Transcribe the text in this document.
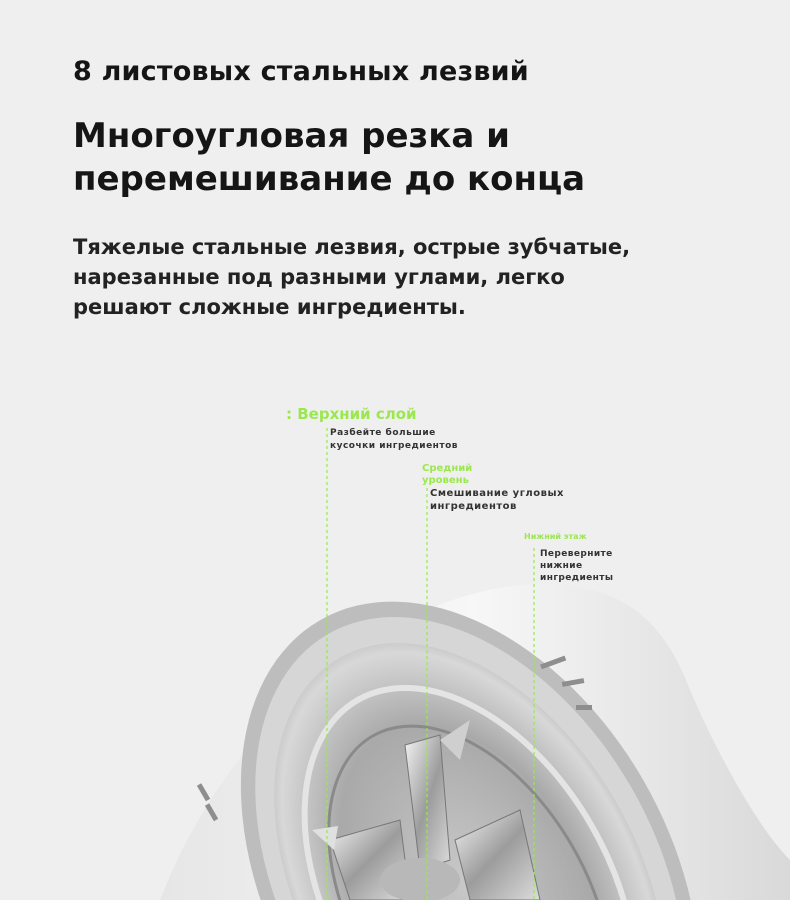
8 листовых стальных лезвий
Многоугловая резка и
перемешивание до конца
Тяжелые стальные лезвия, острые зубчатые,
нарезанные под разными углами, легко
решают сложные ингредиенты.
: Верхний слой
Разбейте большие
кусочки ингредиентов
Средний уровень
Смешивание угловых
ингредиентов
Нижний этаж
Переверните
нижние
ингредиенты
